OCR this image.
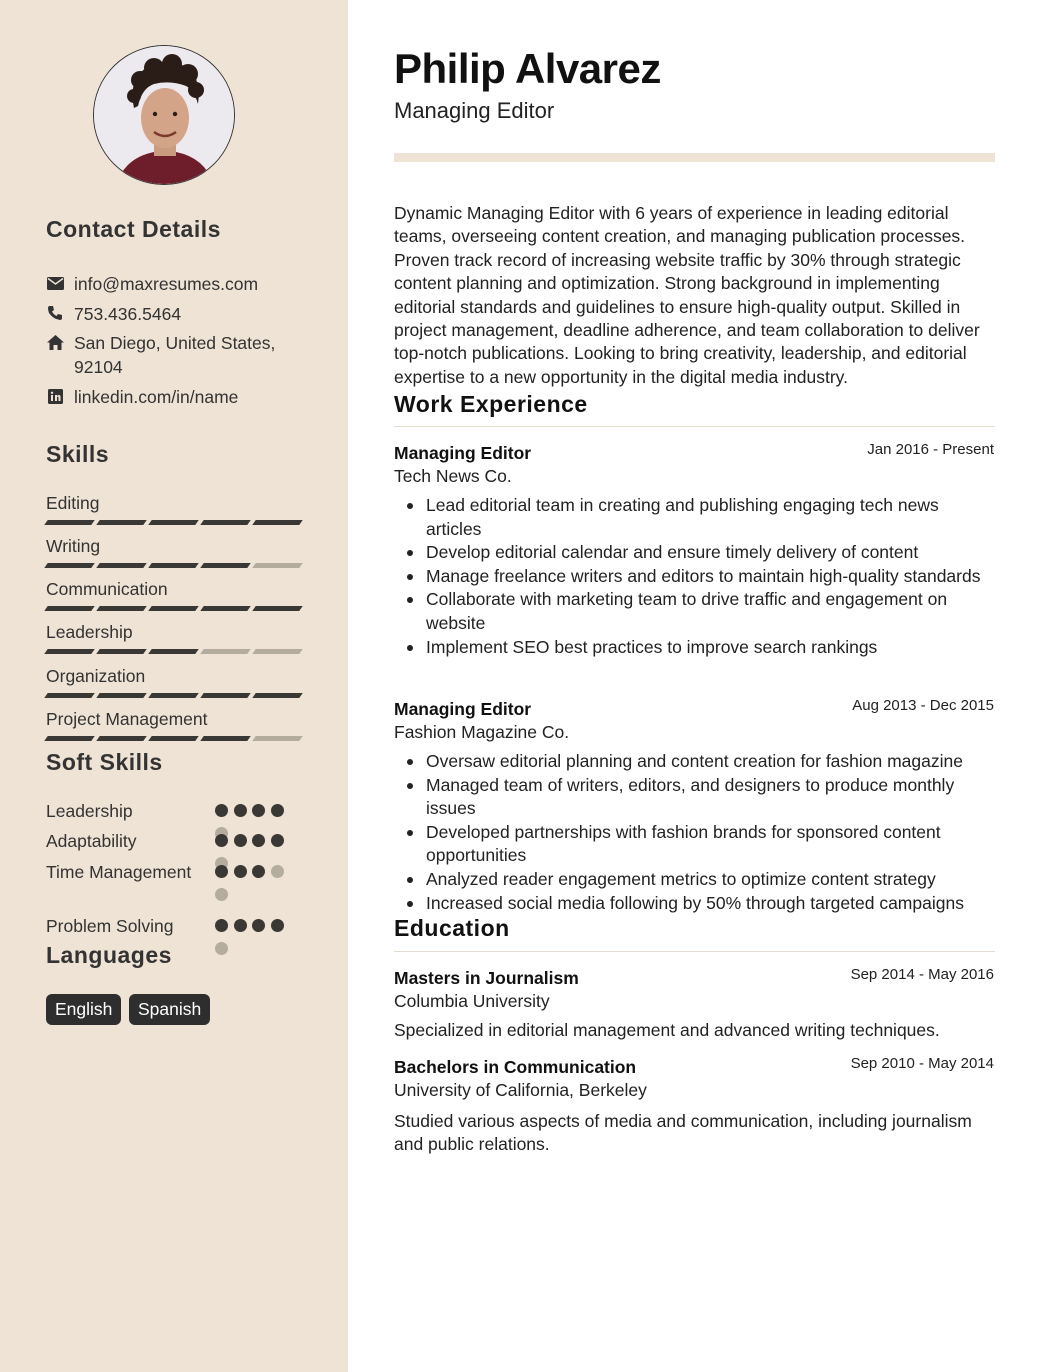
Contact Details
info@maxresumes.com
753.436.5464
San Diego, United States, 92104
linkedin.com/in/name
Skills
Editing
Writing
Communication
Leadership
Organization
Project Management
Soft Skills
Leadership
Adaptability
Time Management
Problem Solving
Languages
English	Spanish
Philip Alvarez
Managing Editor
Dynamic Managing Editor with 6 years of experience in leading editorial teams, overseeing content creation, and managing publication processes. Proven track record of increasing website traffic by 30% through strategic content planning and optimization. Strong background in implementing editorial standards and guidelines to ensure high-quality output. Skilled in project management, deadline adherence, and team collaboration to deliver top-notch publications. Looking to bring creativity, leadership, and editorial expertise to a new opportunity in the digital media industry.
Work Experience
Managing Editor	Jan 2016 - Present
Tech News Co.
Lead editorial team in creating and publishing engaging tech news articles
Develop editorial calendar and ensure timely delivery of content
Manage freelance writers and editors to maintain high-quality standards
Collaborate with marketing team to drive traffic and engagement on website
Implement SEO best practices to improve search rankings
Managing Editor	Aug 2013 - Dec 2015
Fashion Magazine Co.
Oversaw editorial planning and content creation for fashion magazine
Managed team of writers, editors, and designers to produce monthly issues
Developed partnerships with fashion brands for sponsored content opportunities
Analyzed reader engagement metrics to optimize content strategy
Increased social media following by 50% through targeted campaigns
Education
Masters in Journalism	Sep 2014 - May 2016
Columbia University
Specialized in editorial management and advanced writing techniques.
Bachelors in Communication	Sep 2010 - May 2014
University of California, Berkeley
Studied various aspects of media and communication, including journalism and public relations.
